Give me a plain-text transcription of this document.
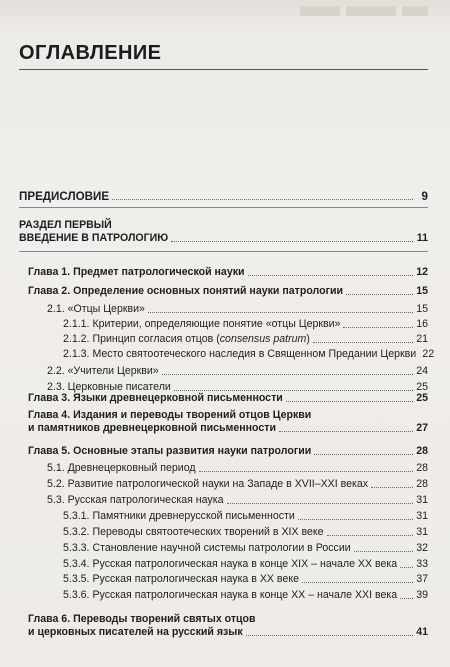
ОГЛАВЛЕНИЕ
ПРЕДИСЛОВИЕ	9
РАЗДЕЛ ПЕРВЫЙ
ВВЕДЕНИЕ В ПАТРОЛОГИЮ	11
Глава 1. Предмет патрологической науки	12
Глава 2. Определение основных понятий науки патрологии	15
2.1. «Отцы Церкви»	15
2.1.1. Критерии, определяющие понятие «отцы Церкви»	16
2.1.2. Принцип согласия отцов (consensus patrum)	21
2.1.3. Место святоотеческого наследия в Священном Предании Церкви 22
2.2. «Учители Церкви»	24
2.3. Церковные писатели	25
Глава 3. Языки древнецерковной письменности	25
Глава 4. Издания и переводы творений отцов Церкви
и памятников древнецерковной письменности	27
Глава 5. Основные этапы развития науки патрологии	28
5.1. Древнецерковный период	28
5.2. Развитие патрологической науки на Западе в XVII–XXI веках	28
5.3. Русская патрологическая наука	31
5.3.1. Памятники древнерусской письменности	31
5.3.2. Переводы святоотеческих творений в XIX веке	31
5.3.3. Становление научной системы патрологии в России	32
5.3.4. Русская патрологическая наука в конце XIX – начале XX века 33
5.3.5. Русская патрологическая наука в XX веке	37
5.3.6. Русская патрологическая наука в конце XX – начале XXI века 39
Глава 6. Переводы творений святых отцов
и церковных писателей на русский язык	41
